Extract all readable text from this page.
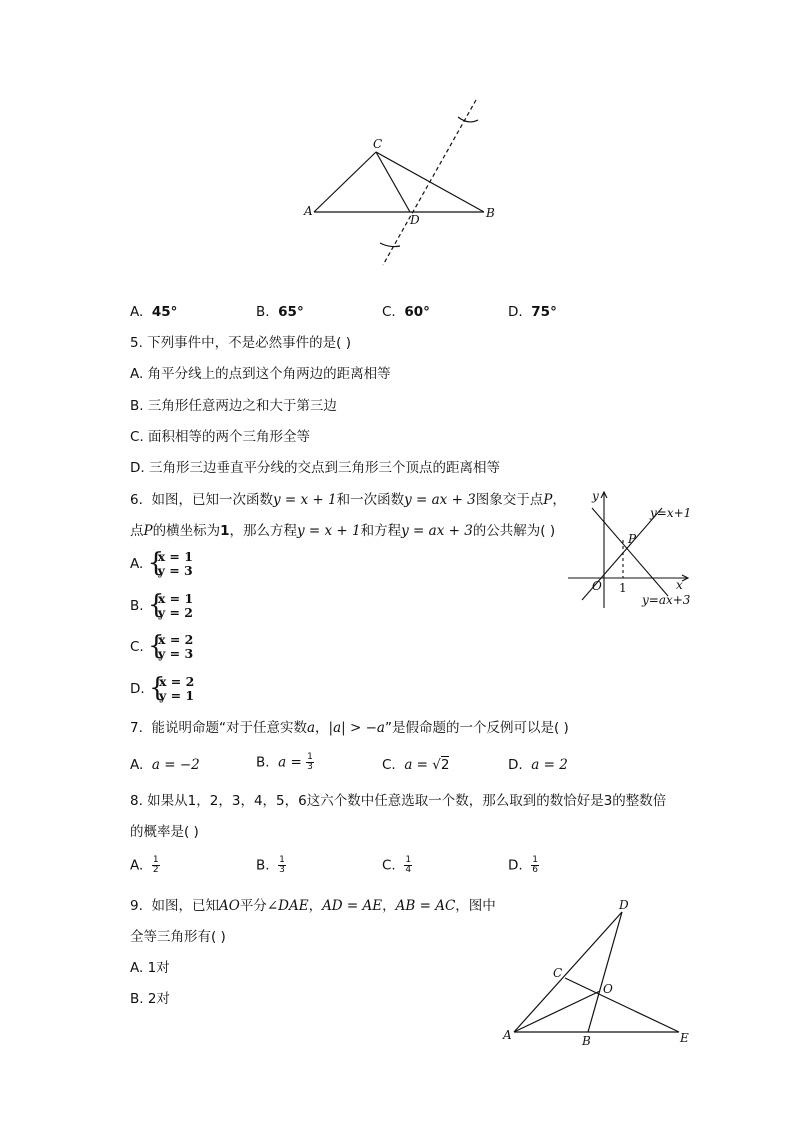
A	B
C
D
A. 45°	B. 65°	C. 60°	D. 75°
5. 下列事件中，不是必然事件的是( )
A. 角平分线上的点到这个角两边的距离相等
B. 三角形任意两边之和大于第三边
C. 面积相等的两个三角形全等
D. 三角形三边垂直平分线的交点到三角形三个顶点的距离相等
6. 如图，已知一次函数y = x + 1和一次函数y = ax + 3图象交于点P，
点P的横坐标为1，那么方程y = x + 1和方程y = ax + 3的公共解为( )
A. {
x = 1
y = 3
B. {
x = 1
y = 2
C. {
x = 2
y = 3
D. {
x = 2
y = 1
y
x
O 1
P
y=x+1
y=ax+3
7. 能说明命题“对于任意实数a，|a| > −a”是假命题的一个反例可以是( )
A. a = −2	B. $a = \frac{1}{3}$	C. a = √2	D. a = 2
8. 如果从1，2，3，4，5，6这六个数中任意选取一个数，那么取到的数恰好是3的整数倍
的概率是( )
A. $\frac{1}{2}$	B. $\frac{1}{3}$	C. $\frac{1}{4}$	D. $\frac{1}{6}$
9. 如图，已知AO平分∠DAE，AD = AE，AB = AC，图中
全等三角形有( )
A. 1对
B. 2对
D
C
O
A	B	E
